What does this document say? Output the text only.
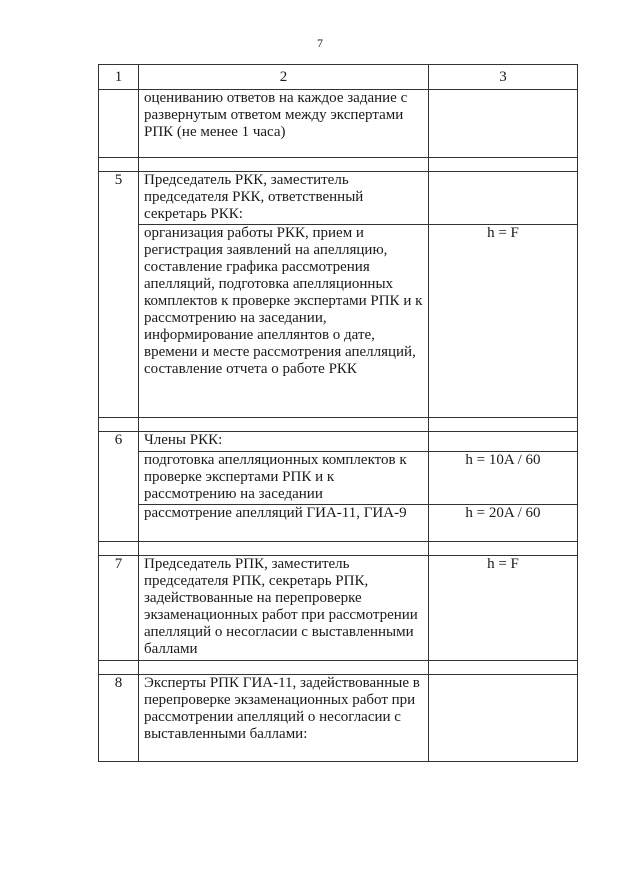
7
1	2	3
	оцениванию ответов на каждое задание с развернутым ответом между экспертами РПК (не менее 1 часа)	

5	Председатель РКК, заместитель председателя РКК, ответственный секретарь РКК:	
	организация работы РКК, прием и регистрация заявлений на апелляцию, составление графика рассмотрения апелляций, подготовка апелляционных комплектов к проверке экспертами РПК и к рассмотрению на заседании, информирование апеллянтов о дате, времени и месте рассмотрения апелляций, составление отчета о работе РКК	h = F

6	Члены РКК:	
	подготовка апелляционных комплектов к проверке экспертами РПК и к рассмотрению на заседании	h = 10A / 60
	рассмотрение апелляций ГИА-11, ГИА-9	h = 20A / 60

7	Председатель РПК, заместитель председателя РПК, секретарь РПК, задействованные на перепроверке экзаменационных работ при рассмотрении апелляций о несогласии с выставленными баллами	h = F

8	Эксперты РПК ГИА-11, задействованные в перепроверке экзаменационных работ при рассмотрении апелляций о несогласии с выставленными баллами:	
